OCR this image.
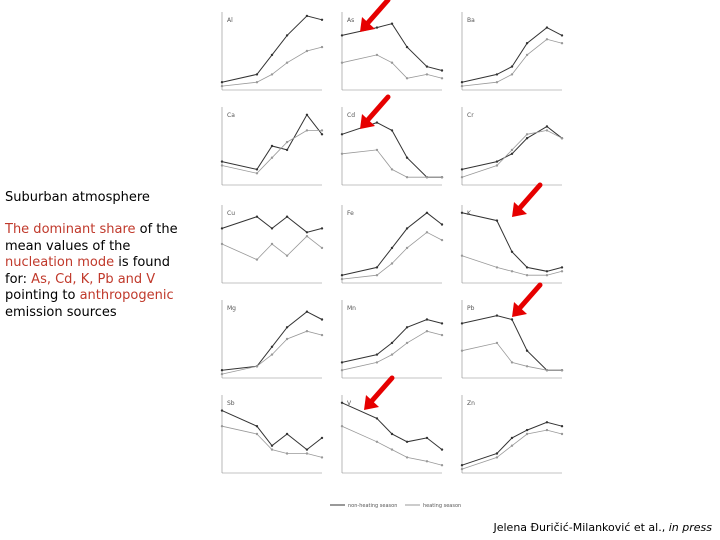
Suburban atmosphere
The dominant share of the mean values of the nucleation mode is found for: As, Cd, K, Pb and V pointing to anthropogenic emission sources
Al	As	Ba
Ca	Cd	Cr
Cu	Fe	K
Mg	Mn	Pb
Sb	V	Zn
non-heating season	heating season
Jelena Đuričić-Milanković et al., in press
